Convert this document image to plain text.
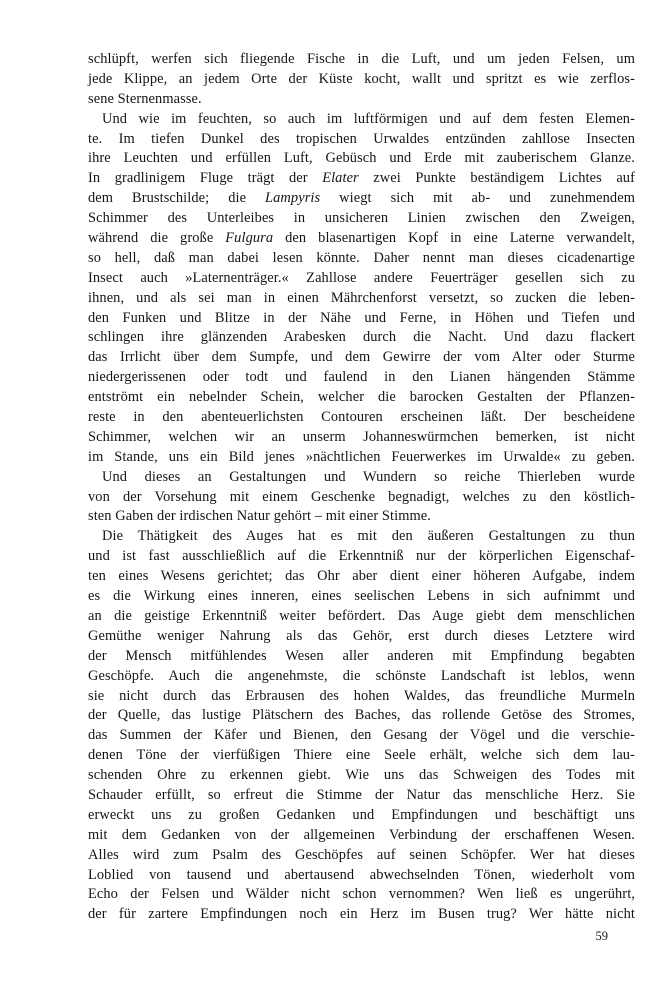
schlüpft, werfen sich fliegende Fische in die Luft, und um jeden Felsen, um
jede Klippe, an jedem Orte der Küste kocht, wallt und spritzt es wie zerflos-
sene Sternenmasse.
Und wie im feuchten, so auch im luftförmigen und auf dem festen Elemen-
te. Im tiefen Dunkel des tropischen Urwaldes entzünden zahllose Insecten
ihre Leuchten und erfüllen Luft, Gebüsch und Erde mit zauberischem Glanze.
In gradlinigem Fluge trägt der Elater zwei Punkte beständigem Lichtes auf
dem Brustschilde; die Lampyris wiegt sich mit ab- und zunehmendem
Schimmer des Unterleibes in unsicheren Linien zwischen den Zweigen,
während die große Fulgura den blasenartigen Kopf in eine Laterne verwandelt,
so hell, daß man dabei lesen könnte. Daher nennt man dieses cicadenartige
Insect auch »Laternenträger.« Zahllose andere Feuerträger gesellen sich zu
ihnen, und als sei man in einen Mährchenforst versetzt, so zucken die leben-
den Funken und Blitze in der Nähe und Ferne, in Höhen und Tiefen und
schlingen ihre glänzenden Arabesken durch die Nacht. Und dazu flackert
das Irrlicht über dem Sumpfe, und dem Gewirre der vom Alter oder Sturme
niedergerissenen oder todt und faulend in den Lianen hängenden Stämme
entströmt ein nebelnder Schein, welcher die barocken Gestalten der Pflanzen-
reste in den abenteuerlichsten Contouren erscheinen läßt. Der bescheidene
Schimmer, welchen wir an unserm Johanneswürmchen bemerken, ist nicht
im Stande, uns ein Bild jenes »nächtlichen Feuerwerkes im Urwalde« zu geben.
Und dieses an Gestaltungen und Wundern so reiche Thierleben wurde
von der Vorsehung mit einem Geschenke begnadigt, welches zu den köstlich-
sten Gaben der irdischen Natur gehört – mit einer Stimme.
Die Thätigkeit des Auges hat es mit den äußeren Gestaltungen zu thun
und ist fast ausschließlich auf die Erkenntniß nur der körperlichen Eigenschaf-
ten eines Wesens gerichtet; das Ohr aber dient einer höheren Aufgabe, indem
es die Wirkung eines inneren, eines seelischen Lebens in sich aufnimmt und
an die geistige Erkenntniß weiter befördert. Das Auge giebt dem menschlichen
Gemüthe weniger Nahrung als das Gehör, erst durch dieses Letztere wird
der Mensch mitfühlendes Wesen aller anderen mit Empfindung begabten
Geschöpfe. Auch die angenehmste, die schönste Landschaft ist leblos, wenn
sie nicht durch das Erbrausen des hohen Waldes, das freundliche Murmeln
der Quelle, das lustige Plätschern des Baches, das rollende Getöse des Stromes,
das Summen der Käfer und Bienen, den Gesang der Vögel und die verschie-
denen Töne der vierfüßigen Thiere eine Seele erhält, welche sich dem lau-
schenden Ohre zu erkennen giebt. Wie uns das Schweigen des Todes mit
Schauder erfüllt, so erfreut die Stimme der Natur das menschliche Herz. Sie
erweckt uns zu großen Gedanken und Empfindungen und beschäftigt uns
mit dem Gedanken von der allgemeinen Verbindung der erschaffenen Wesen.
Alles wird zum Psalm des Geschöpfes auf seinen Schöpfer. Wer hat dieses
Loblied von tausend und abertausend abwechselnden Tönen, wiederholt vom
Echo der Felsen und Wälder nicht schon vernommen? Wen ließ es ungerührt,
der für zartere Empfindungen noch ein Herz im Busen trug? Wer hätte nicht
59
